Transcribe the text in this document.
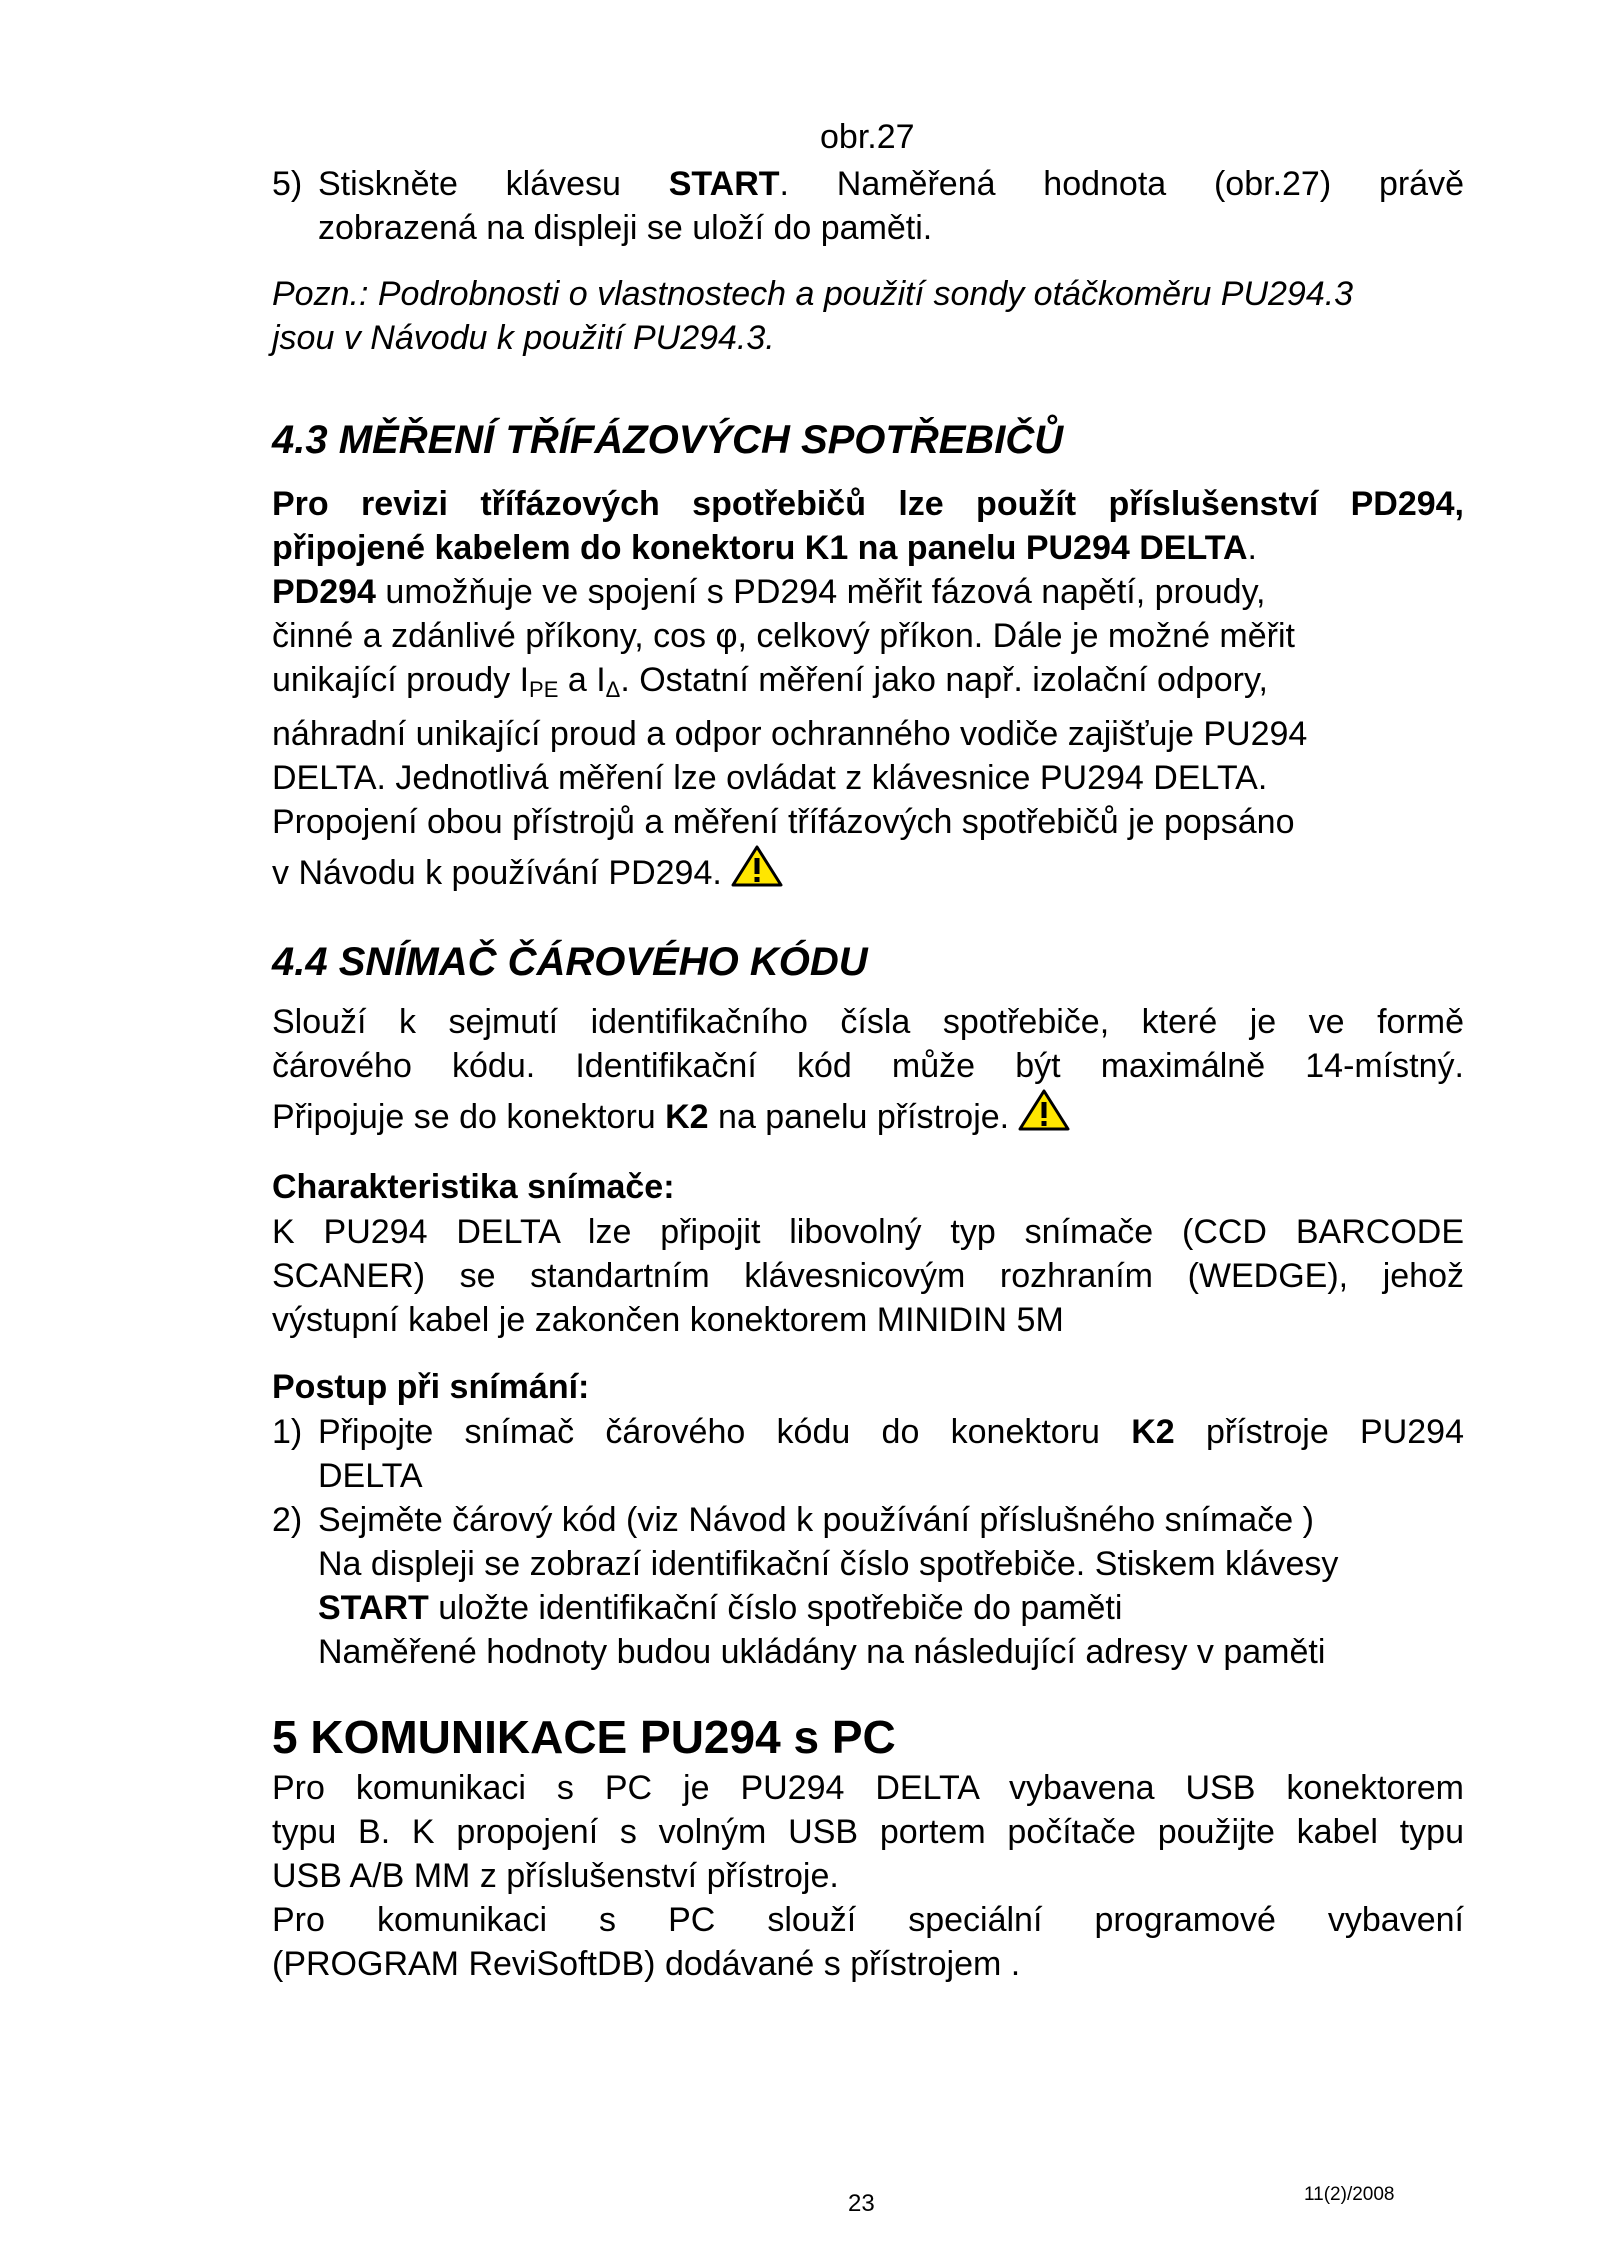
obr.27
5) Stiskněte klávesu START. Naměřená hodnota (obr.27) právě
zobrazená na displeji se uloží do paměti.
Pozn.: Podrobnosti o vlastnostech a použití sondy otáčkoměru PU294.3
jsou v Návodu k použití PU294.3.
4.3 MĚŘENÍ TŘÍFÁZOVÝCH SPOTŘEBIČŮ
Pro revizi třífázových spotřebičů lze použít příslušenství PD294,
připojené kabelem do konektoru K1 na panelu PU294 DELTA.
PD294 umožňuje ve spojení s PD294 měřit fázová napětí, proudy,
činné a zdánlivé příkony, cos φ, celkový příkon. Dále je možné měřit
unikající proudy $I_{PE}$ a $I_\Delta$. Ostatní měření jako např. izolační odpory,
náhradní unikající proud a odpor ochranného vodiče zajišťuje PU294
DELTA. Jednotlivá měření lze ovládat z klávesnice PU294 DELTA.
Propojení obou přístrojů a měření třífázových spotřebičů je popsáno
v Návodu k používání PD294.
4.4 SNÍMAČ ČÁROVÉHO KÓDU
Slouží k sejmutí identifikačního čísla spotřebiče, které je ve formě
čárového kódu. Identifikační kód může být maximálně 14-místný.
Připojuje se do konektoru K2 na panelu přístroje.
Charakteristika snímače:
K PU294 DELTA lze připojit libovolný typ snímače (CCD BARCODE
SCANER) se standartním klávesnicovým rozhraním (WEDGE), jehož
výstupní kabel je zakončen konektorem MINIDIN 5M
Postup při snímání:
1) Připojte snímač čárového kódu do konektoru K2 přístroje PU294
DELTA
2) Sejměte čárový kód (viz Návod k používání příslušného snímače )
Na displeji se zobrazí identifikační číslo spotřebiče. Stiskem klávesy
START uložte identifikační číslo spotřebiče do paměti
Naměřené hodnoty budou ukládány na následující adresy v paměti
5 KOMUNIKACE PU294 s PC
Pro komunikaci s PC je PU294 DELTA vybavena USB konektorem
typu B. K propojení s volným USB portem počítače použijte kabel typu
USB A/B MM z příslušenství přístroje.
Pro komunikaci s PC slouží speciální programové vybavení
(PROGRAM ReviSoftDB) dodávané s přístrojem .
23	11(2)/2008
